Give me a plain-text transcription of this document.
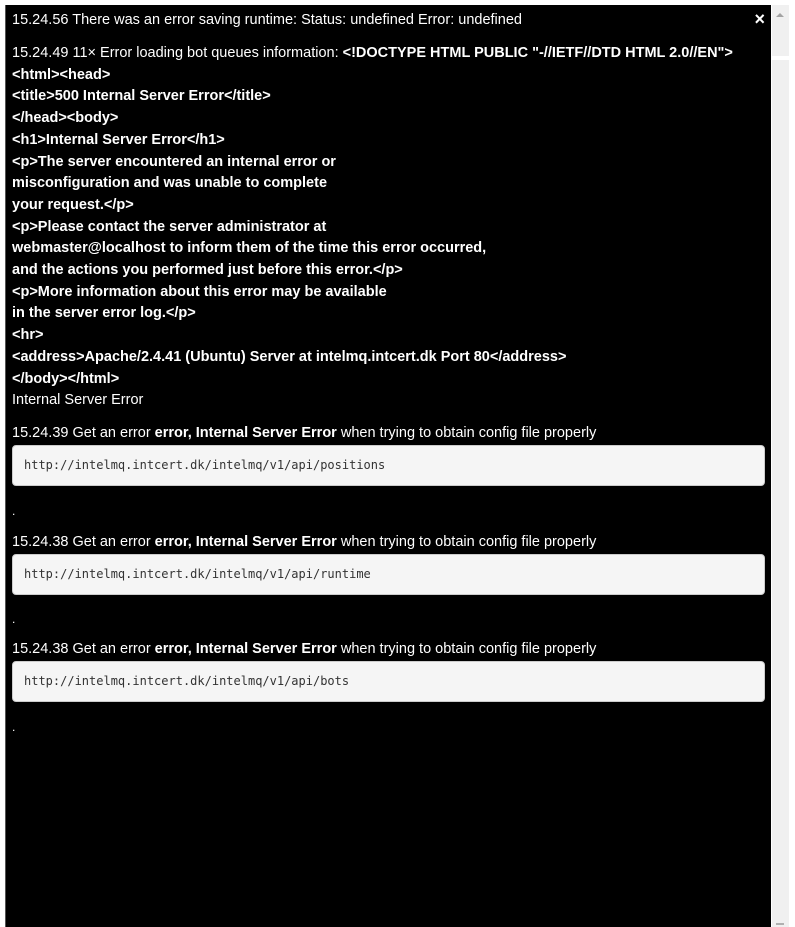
×
15.24.56 There was an error saving runtime: Status: undefined Error: undefined
15.24.49 11× Error loading bot queues information: <!DOCTYPE HTML PUBLIC "-//IETF//DTD HTML 2.0//EN">
<html><head>
<title>500 Internal Server Error</title>
</head><body>
<h1>Internal Server Error</h1>
<p>The server encountered an internal error or
misconfiguration and was unable to complete
your request.</p>
<p>Please contact the server administrator at
webmaster@localhost to inform them of the time this error occurred,
and the actions you performed just before this error.</p>
<p>More information about this error may be available
in the server error log.</p>
<hr>
<address>Apache/2.4.41 (Ubuntu) Server at intelmq.intcert.dk Port 80</address>
</body></html>
Internal Server Error
15.24.39 Get an error error, Internal Server Error when trying to obtain config file properly
http://intelmq.intcert.dk/intelmq/v1/api/positions
.
15.24.38 Get an error error, Internal Server Error when trying to obtain config file properly
http://intelmq.intcert.dk/intelmq/v1/api/runtime
.
15.24.38 Get an error error, Internal Server Error when trying to obtain config file properly
http://intelmq.intcert.dk/intelmq/v1/api/bots
.
